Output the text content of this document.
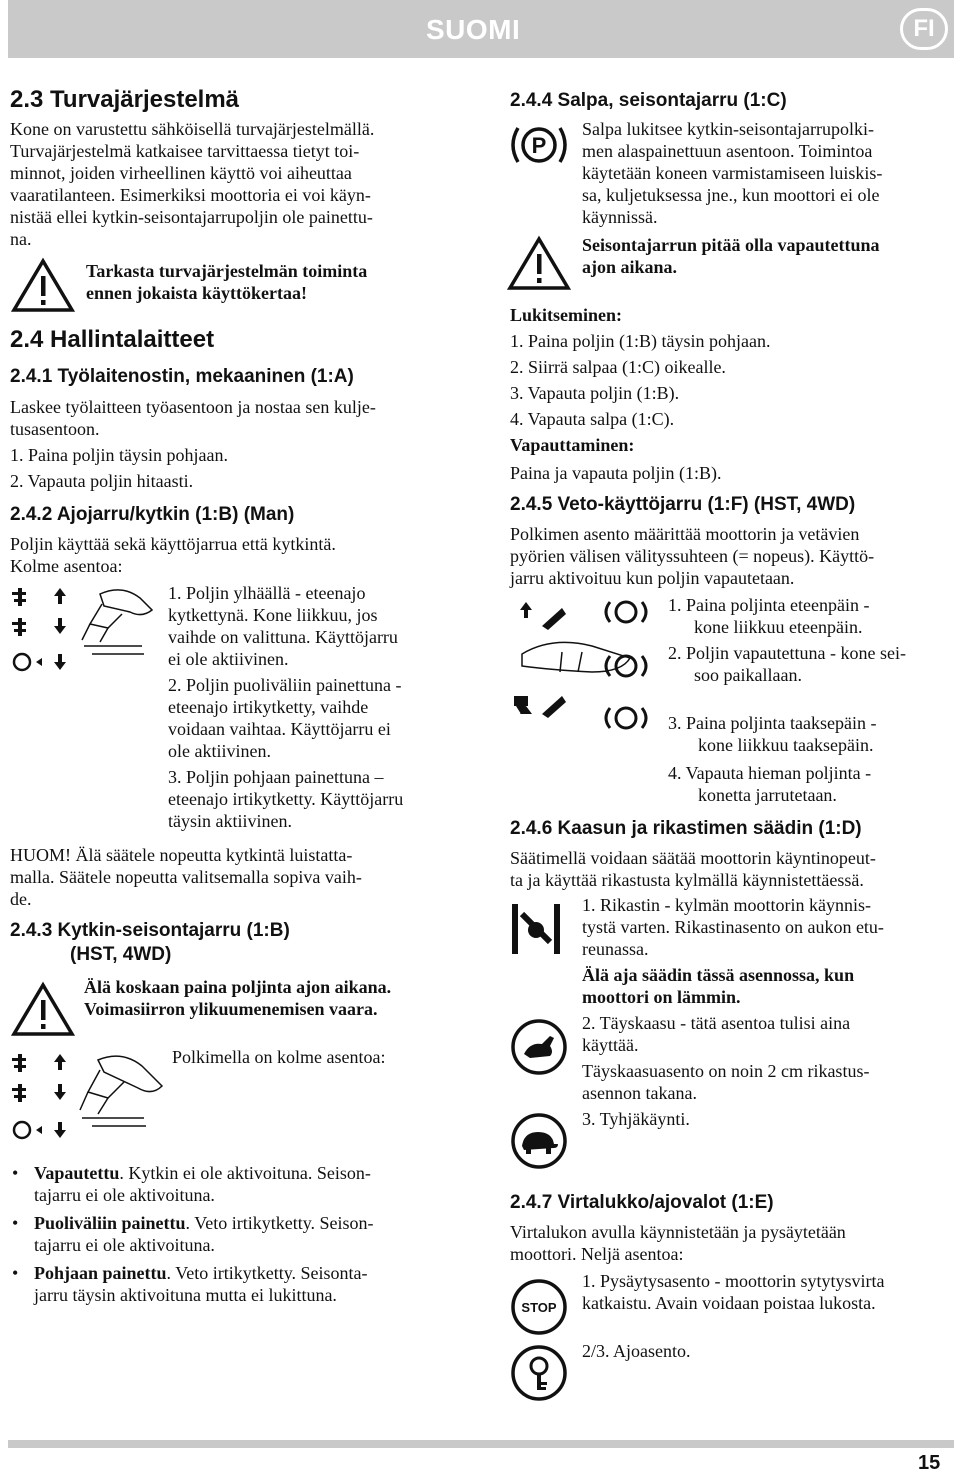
SUOMI	FI
2.3 Turvajärjestelmä
Kone on varustettu sähköisellä turvajärjestelmällä.
Turvajärjestelmä katkaisee tarvittaessa tietyt toi-
minnot, joiden virheellinen käyttö voi aiheuttaa
vaaratilanteen. Esimerkiksi moottoria ei voi käyn-
nistää ellei kytkin-seisontajarrupoljin ole painettu-
na.
Tarkasta turvajärjestelmän toiminta
ennen jokaista käyttökertaa!
2.4 Hallintalaitteet
2.4.1 Työlaitenostin, mekaaninen (1:A)
Laskee työlaitteen työasentoon ja nostaa sen kulje-
tusasentoon.
1. Paina poljin täysin pohjaan.
2. Vapauta poljin hitaasti.
2.4.2 Ajojarru/kytkin (1:B) (Man)
Poljin käyttää sekä käyttöjarrua että kytkintä.
Kolme asentoa:
1. Poljin ylhäällä - eteenajo
kytkettynä. Kone liikkuu, jos
vaihde on valittuna. Käyttöjarru
ei ole aktiivinen.
2. Poljin puoliväliin painettuna -
eteenajo irtikytketty, vaihde
voidaan vaihtaa. Käyttöjarru ei
ole aktiivinen.
3. Poljin pohjaan painettuna –
eteenajo irtikytketty. Käyttöjarru
täysin aktiivinen.
HUOM! Älä säätele nopeutta kytkintä luistatta-
malla. Säätele nopeutta valitsemalla sopiva vaih-
de.
2.4.3 Kytkin-seisontajarru (1:B)
(HST, 4WD)
Älä koskaan paina poljinta ajon aikana.
Voimasiirron ylikuumenemisen vaara.
Polkimella on kolme asentoa:
• Vapautettu. Kytkin ei ole aktivoituna. Seison-
tajarru ei ole aktivoituna.
• Puoliväliin painettu. Veto irtikytketty. Seison-
tajarru ei ole aktivoituna.
• Pohjaan painettu. Veto irtikytketty. Seisonta-
jarru täysin aktivoituna mutta ei lukittuna.
2.4.4 Salpa, seisontajarru (1:C)
P
Salpa lukitsee kytkin-seisontajarrupolki-
men alaspainettuun asentoon. Toimintoa
käytetään koneen varmistamiseen luiskis-
sa, kuljetuksessa jne., kun moottori ei ole
käynnissä.
Seisontajarrun pitää olla vapautettuna
ajon aikana.
Lukitseminen:
1. Paina poljin (1:B) täysin pohjaan.
2. Siirrä salpaa (1:C) oikealle.
3. Vapauta poljin (1:B).
4. Vapauta salpa (1:C).
Vapauttaminen:
Paina ja vapauta poljin (1:B).
2.4.5 Veto-käyttöjarru (1:F) (HST, 4WD)
Polkimen asento määrittää moottorin ja vetävien
pyörien välisen välityssuhteen (= nopeus). Käyttö-
jarru aktivoituu kun poljin vapautetaan.
1. Paina poljinta eteenpäin -
kone liikkuu eteenpäin.
2. Poljin vapautettuna - kone sei-
soo paikallaan.
3. Paina poljinta taaksepäin -
kone liikkuu taaksepäin.
4. Vapauta hieman poljinta -
konetta jarrutetaan.
2.4.6 Kaasun ja rikastimen säädin (1:D)
Säätimellä voidaan säätää moottorin käyntinopeut-
ta ja käyttää rikastusta kylmällä käynnistettäessä.
1. Rikastin - kylmän moottorin käynnis-
tystä varten. Rikastinasento on aukon etu-
reunassa.
Älä aja säädin tässä asennossa, kun
moottori on lämmin.
2. Täyskaasu - tätä asentoa tulisi aina
käyttää.
Täyskaasuasento on noin 2 cm rikastus-
asennon takana.
3. Tyhjäkäynti.
2.4.7 Virtalukko/ajovalot (1:E)
Virtalukon avulla käynnistetään ja pysäytetään
moottori. Neljä asentoa:
STOP
1. Pysäytysasento - moottorin sytytysvirta
katkaistu. Avain voidaan poistaa lukosta.
2/3. Ajoasento.
15
